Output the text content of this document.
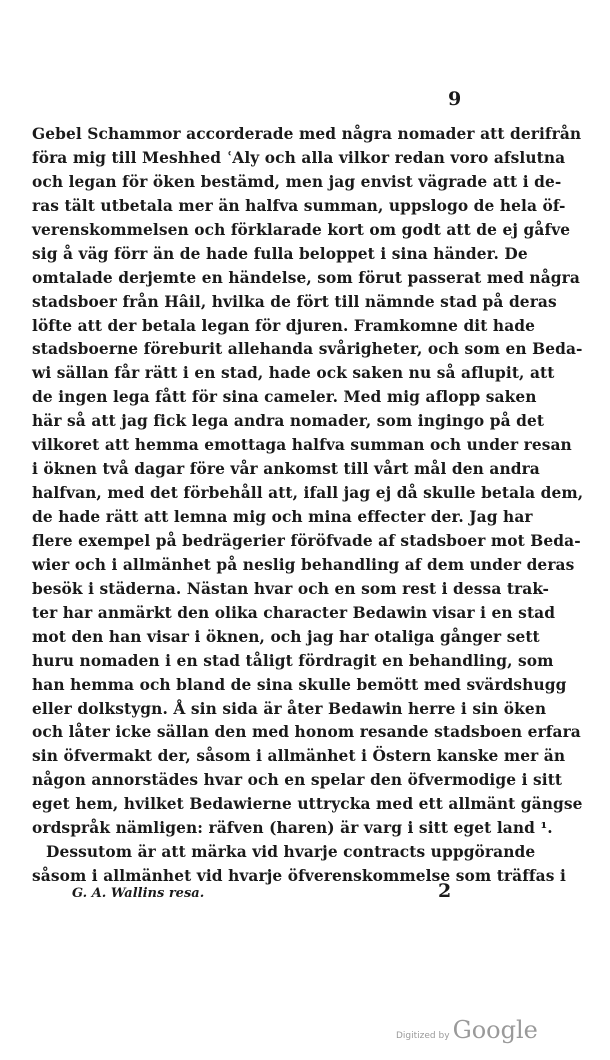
9
Gebel Schammor accorderade med några nomader att derifrån
föra mig till Meshhed ʿAly och alla vilkor redan voro afslutna
och legan för öken bestämd, men jag envist vägrade att i de-
ras tält utbetala mer än halfva summan, uppslogo de hela öf-
verenskommelsen och förklarade kort om godt att de ej gåfve
sig å väg förr än de hade fulla beloppet i sina händer. De
omtalade derjemte en händelse, som förut passerat med några
stadsboer från Hâil, hvilka de fört till nämnde stad på deras
löfte att der betala legan för djuren. Framkomne dit hade
stadsboerne föreburit allehanda svårigheter, och som en Beda-
wi sällan får rätt i en stad, hade ock saken nu så aflupit, att
de ingen lega fått för sina cameler. Med mig aflopp saken
här så att jag fick lega andra nomader, som ingingo på det
vilkoret att hemma emottaga halfva summan och under resan
i öknen två dagar före vår ankomst till vårt mål den andra
halfvan, med det förbehåll att, ifall jag ej då skulle betala dem,
de hade rätt att lemna mig och mina effecter der. Jag har
flere exempel på bedrägerier föröfvade af stadsboer mot Beda-
wier och i allmänhet på neslig behandling af dem under deras
besök i städerna. Nästan hvar och en som rest i dessa trak-
ter har anmärkt den olika character Bedawin visar i en stad
mot den han visar i öknen, och jag har otaliga gånger sett
huru nomaden i en stad tåligt fördragit en behandling, som
han hemma och bland de sina skulle bemött med svärdshugg
eller dolkstygn. Å sin sida är åter Bedawin herre i sin öken
och låter icke sällan den med honom resande stadsboen erfara
sin öfvermakt der, såsom i allmänhet i Östern kanske mer än
någon annorstädes hvar och en spelar den öfvermodige i sitt
eget hem, hvilket Bedawierne uttrycka med ett allmänt gängse
ordspråk nämligen: räfven (haren) är varg i sitt eget land ¹.
Dessutom är att märka vid hvarje contracts uppgörande
såsom i allmänhet vid hvarje öfverenskommelse som träffas i
G. A. Wallins resa.	2
Digitized by Google
